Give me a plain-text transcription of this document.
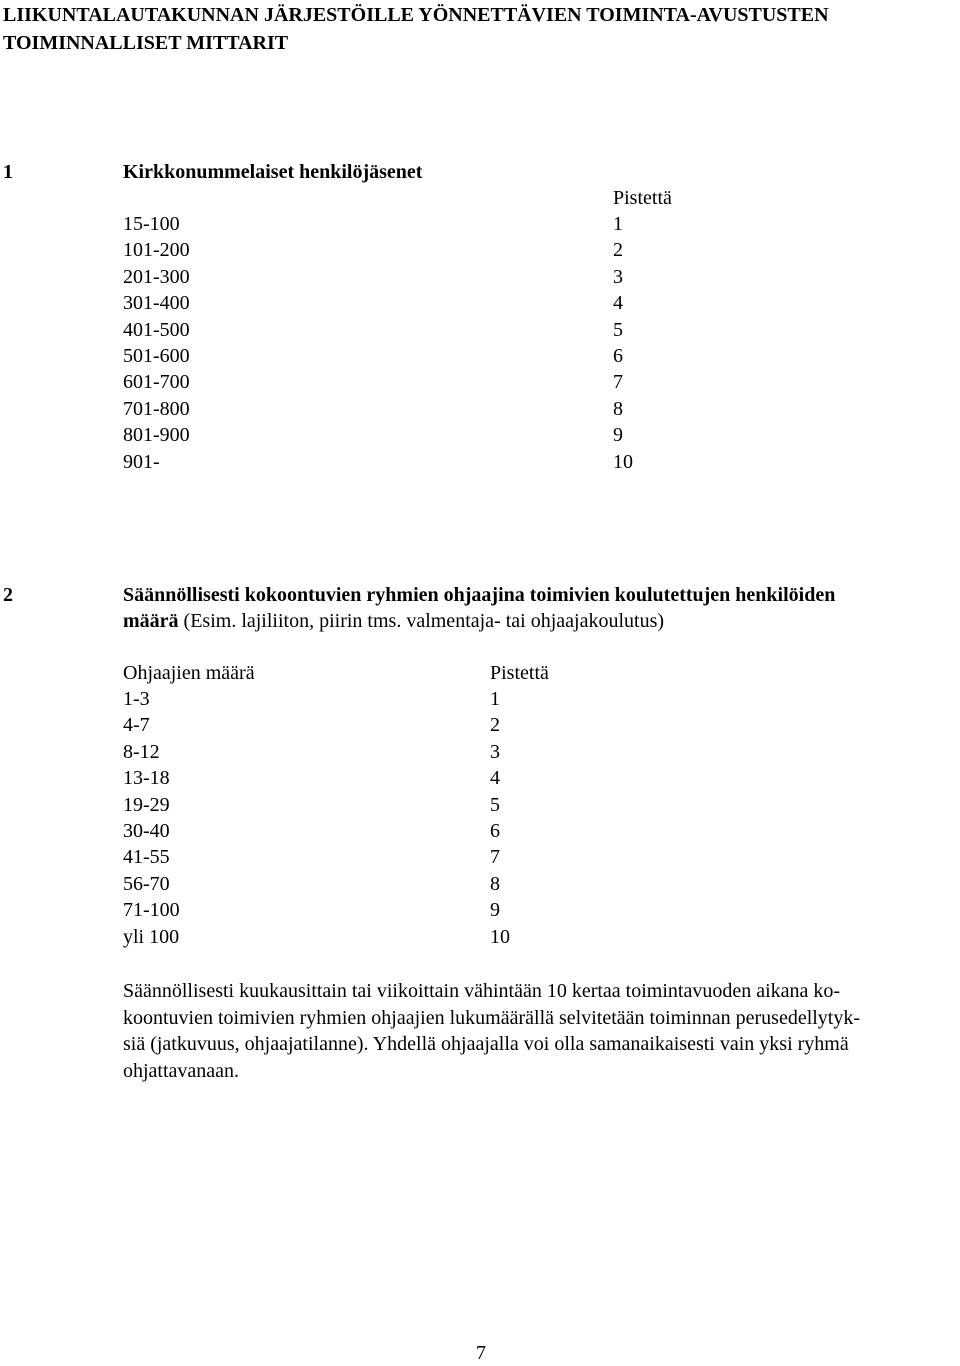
LIIKUNTALAUTAKUNNAN JÄRJESTÖILLE YÖNNETTÄVIEN TOIMINTA-AVUSTUSTEN
TOIMINNALLISET MITTARIT
1	Kirkkonummelaiset henkilöjäsenet
Pistettä
15-100	1
101-200	2
201-300	3
301-400	4
401-500	5
501-600	6
601-700	7
701-800	8
801-900	9
901-	10
2	Säännöllisesti kokoontuvien ryhmien ohjaajina toimivien koulutettujen henkilöiden
määrä (Esim. lajiliiton, piirin tms. valmentaja- tai ohjaajakoulutus)
Ohjaajien määrä	Pistettä
1-3	1
4-7	2
8-12	3
13-18	4
19-29	5
30-40	6
41-55	7
56-70	8
71-100	9
yli 100	10
Säännöllisesti kuukausittain tai viikoittain vähintään 10 kertaa toimintavuoden aikana ko-
koontuvien toimivien ryhmien ohjaajien lukumäärällä selvitetään toiminnan perusedellytyk-
siä (jatkuvuus, ohjaajatilanne). Yhdellä ohjaajalla voi olla samanaikaisesti vain yksi ryhmä
ohjattavanaan.
7
